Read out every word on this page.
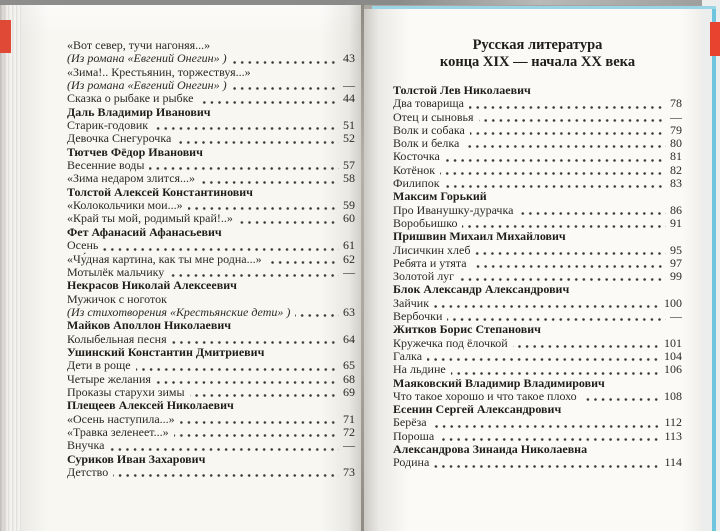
«Вот север, тучи нагоняя...»
(Из романа «Евгений Онегин» )	43
«Зима!.. Крестьянин, торжествуя...»
(Из романа «Евгений Онегин» )	—
Сказка о рыбаке и рыбке	44
Даль Владимир Иванович
Старик-годовик	51
Девочка Снегурочка	52
Тютчев Фёдор Иванович
Весенние воды	57
«Зима недаром злится...»	58
Толстой Алексей Константинович
«Колокольчики мои...»	59
«Край ты мой, родимый край!..»	60
Фет Афанасий Афанасьевич
Осень	61
«Чу́дная картина, как ты мне родна...»	62
Мотылёк мальчику	—
Некрасов Николай Алексеевич
Мужичок с ноготок
(Из стихотворения «Крестьянские дети» )	63
Майков Аполлон Николаевич
Колыбельная песня	64
Ушинский Константин Дмитриевич
Дети в роще	65
Четыре желания	68
Проказы старухи зимы	69
Плещеев Алексей Николаевич
«Осень наступила...»	71
«Травка зеленеет...»	72
Внучка	—
Суриков Иван Захарович
Детство	73
Русская литература
конца XIX — начала XX века
Толстой Лев Николаевич
Два товарища	78
Отец и сыновья	—
Волк и собака	79
Волк и белка	80
Косточка	81
Котёнок	82
Филипок	83
Максим Горький
Про Иванушку-дурачка	86
Воробьишко	91
Пришвин Михаил Михайлович
Лисичкин хлеб	95
Ребята и утята	97
Золотой луг	99
Блок Александр Александрович
Зайчик	100
Вербочки	—
Житков Борис Степанович
Кружечка под ёлочкой	101
Галка	104
На льдине	106
Маяковский Владимир Владимирович
Что такое хорошо и что такое плохо	108
Есенин Сергей Александрович
Берёза	112
Пороша	113
Александрова Зинаида Николаевна
Родина	114
